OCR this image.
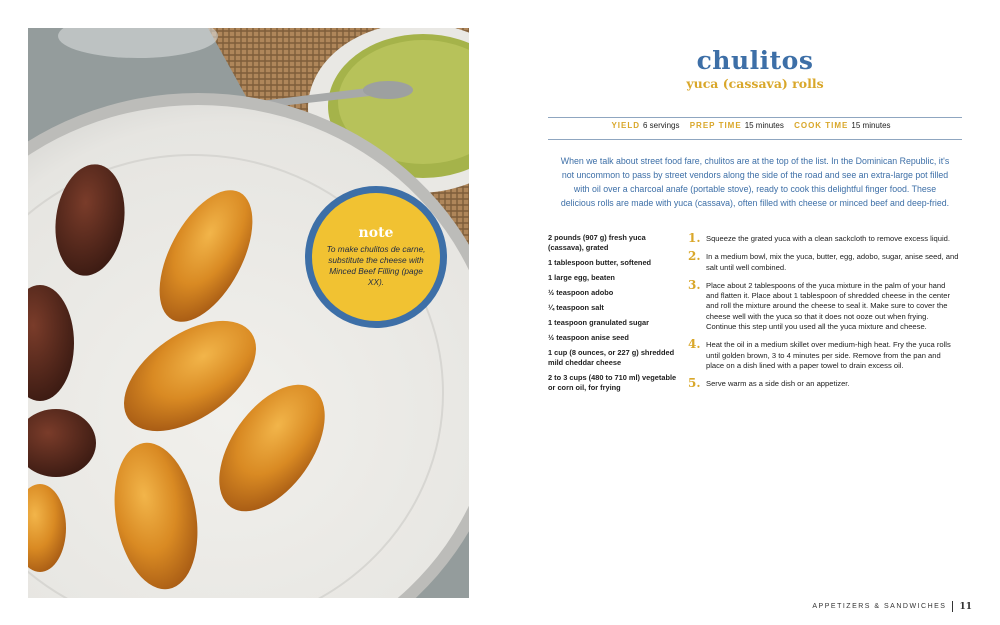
note
To make chulitos de carne, substitute the cheese with Minced Beef Filling (page XX).
chulitos
yuca (cassava) rolls
YIELD 6 servings PREP TIME 15 minutes COOK TIME 15 minutes
When we talk about street food fare, chulitos are at the top of the list. In the Dominican Republic, it's not uncommon to pass by street vendors along the side of the road and see an extra-large pot filled with oil over a charcoal anafe (portable stove), ready to cook this delightful finger food. These delicious rolls are made with yuca (cassava), often filled with cheese or minced beef and deep-fried.
2 pounds (907 g) fresh yuca (cassava), grated
1 tablespoon butter, softened
1 large egg, beaten
½ teaspoon adobo
¼ teaspoon salt
1 teaspoon granulated sugar
½ teaspoon anise seed
1 cup (8 ounces, or 227 g) shredded mild cheddar cheese
2 to 3 cups (480 to 710 ml) vegetable or corn oil, for frying
1. Squeeze the grated yuca with a clean sackcloth to remove excess liquid.
2. In a medium bowl, mix the yuca, butter, egg, adobo, sugar, anise seed, and salt until well combined.
3. Place about 2 tablespoons of the yuca mixture in the palm of your hand and flatten it. Place about 1 tablespoon of shredded cheese in the center and roll the mixture around the cheese to seal it. Make sure to cover the cheese well with the yuca so that it does not ooze out when frying. Continue this step until you used all the yuca mixture and cheese.
4. Heat the oil in a medium skillet over medium-high heat. Fry the yuca rolls until golden brown, 3 to 4 minutes per side. Remove from the pan and place on a dish lined with a paper towel to drain excess oil.
5. Serve warm as a side dish or an appetizer.
APPETIZERS & SANDWICHES 11
